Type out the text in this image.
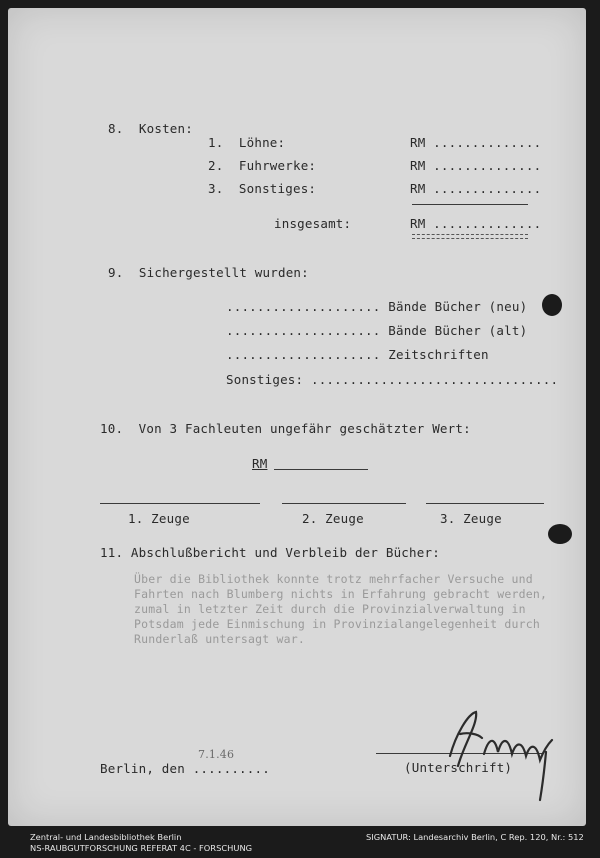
8.  Kosten:
1.  Löhne:	RM ..............
2.  Fuhrwerke:	RM ..............
3.  Sonstiges:	RM ..............
insgesamt:	RM ..............
9.  Sichergestellt wurden:
.................... Bände Bücher (neu)
.................... Bände Bücher (alt)
.................... Zeitschriften
Sonstiges: ................................
10.  Von 3 Fachleuten ungefähr geschätzter Wert:
RM
1. Zeuge	2. Zeuge	3. Zeuge
11. Abschlußbericht und Verbleib der Bücher:
Über die Bibliothek konnte trotz mehrfacher Versuche und
Fahrten nach Blumberg nichts in Erfahrung gebracht werden,
zumal in letzter Zeit durch die Provinzialverwaltung in
Potsdam jede Einmischung in Provinzialangelegenheit durch
Runderlaß untersagt war.
Berlin, den ..........
7.1.46
(Unterschrift)
Zentral- und Landesbibliothek Berlin
NS-RAUBGUTFORSCHUNG REFERAT 4C - FORSCHUNG
SIGNATUR: Landesarchiv Berlin, C Rep. 120, Nr.: 512
